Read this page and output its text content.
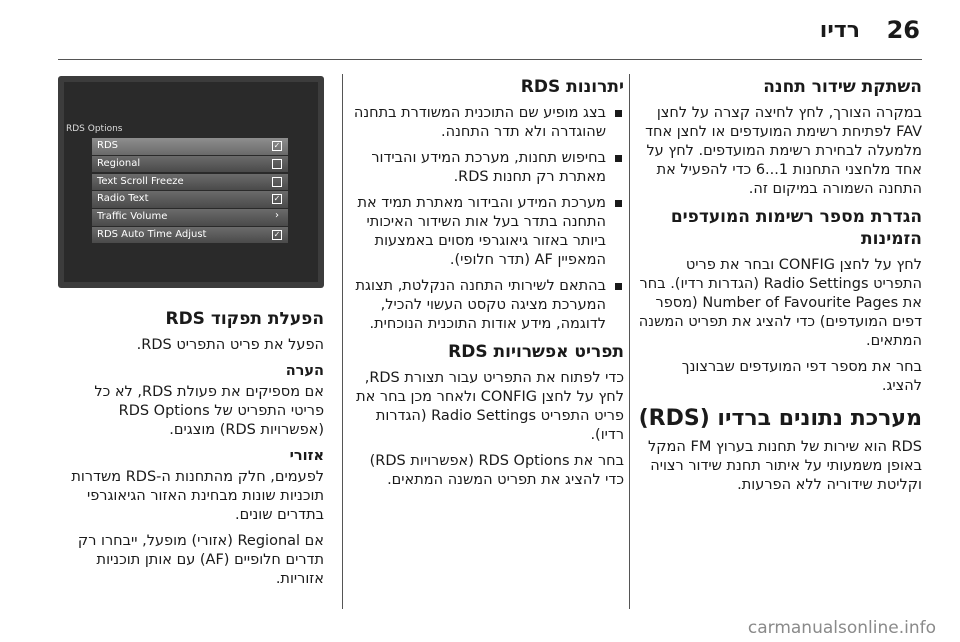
26
רדיו
השתקת שידור תחנה

במקרה הצורך, לחץ לחיצה קצרה על לחצן FAV לפתיחת רשימת המועדפים או לחצן אחד מלמעלה לבחירת רשימת המועדפים. לחץ על אחד מלחצני התחנות 1...6 כדי להפעיל את התחנה השמורה במיקום זה.

הגדרת מספר רשימות המועדפים הזמינות

לחץ על לחצן CONFIG ובחר את פריט התפריט Radio Settings (הגדרות רדיו). בחר את Number of Favourite Pages (מספר דפים המועדפים) כדי להציג את תפריט המשנה המתאים.

בחר את מספר דפי המועדפים שברצונך להציג.

מערכת נתונים ברדיו (RDS)

RDS הוא שירות של תחנות בערוץ FM המקל באופן משמעותי על איתור תחנת שידור רצויה וקליטת שידוריה ללא הפרעות.

יתרונות RDS
בצג מופיע שם התוכנית המשודרת בתחנה שהוגדרה ולא תדר התחנה.
בחיפוש תחנות, מערכת המידע והבידור מאתרת רק תחנות RDS.
מערכת המידע והבידור מאתרת תמיד את התחנה בתדר בעל אות השידור האיכותי ביותר באזור גיאוגרפי מסוים באמצעות המאפיין AF (תדר חלופי).
בהתאם לשירותי התחנה הנקלטת, תצוגת המערכת מציגה טקסט העשוי להכיל, לדוגמה, מידע אודות התוכנית הנוכחית.
תפריט אפשרויות RDS

כדי לפתוח את התפריט עבור תצורת RDS, לחץ על לחצן CONFIG ולאחר מכן בחר את פריט התפריט Radio Settings (הגדרות רדיו).

בחר את RDS Options (אפשרויות RDS) כדי להציג את תפריט המשנה המתאים.

20°C	10:22	✉ ✆ ⚙
RDS Options
RDS	✓
Regional
Text Scroll Freeze
Radio Text	✓
Traffic Volume	›
RDS Auto Time Adjust	✓
הפעלת תפקוד RDS

הפעל את פריט התפריט RDS.

הערה

אם מספיקים את פעולת RDS, לא כל פריטי התפריט של RDS Options (אפשרויות RDS) מוצגים.

אזורי

לפעמים, חלק מהתחנות ה-RDS משדרות תוכניות שונות מבחינת האזור הגיאוגרפי בתדרים שונים.

אם Regional (אזורי) מופעל, ייבחרו רק תדרים חלופיים (AF) עם אותן תוכניות אזוריות.

carmanualsonline.info
